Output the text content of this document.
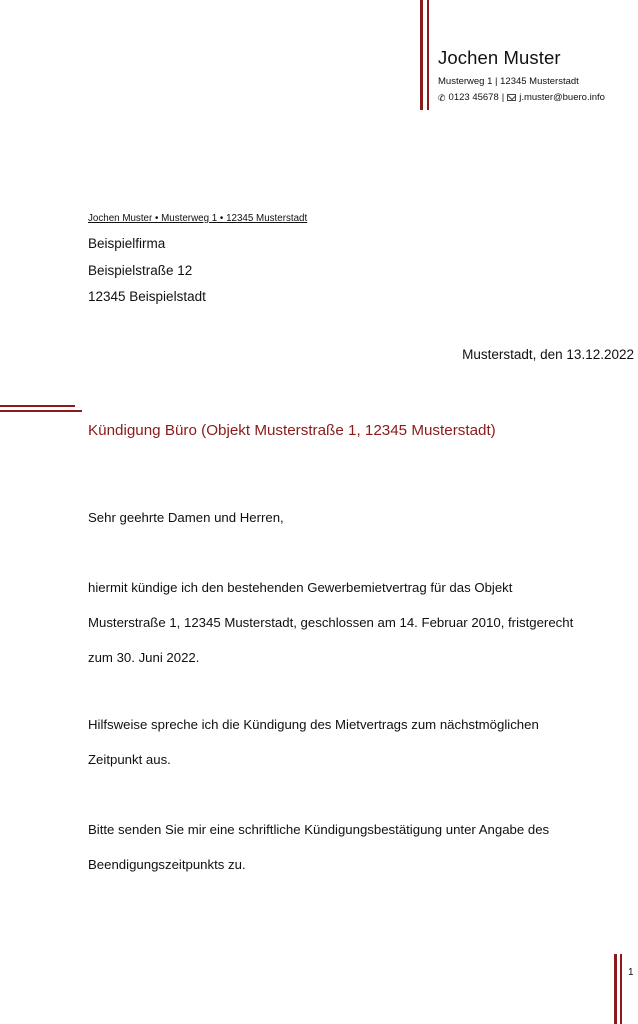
Jochen Muster
Musterweg 1 | 12345 Musterstadt
✆ 0123 45678 | j.muster@buero.info
Jochen Muster • Musterweg 1 • 12345 Musterstadt
Beispielfirma
Beispielstraße 12
12345 Beispielstadt
Musterstadt, den 13.12.2022
Kündigung Büro (Objekt Musterstraße 1, 12345 Musterstadt)
Sehr geehrte Damen und Herren,
hiermit kündige ich den bestehenden Gewerbemietvertrag für das Objekt
Musterstraße 1, 12345 Musterstadt, geschlossen am 14. Februar 2010, fristgerecht
zum 30. Juni 2022.
Hilfsweise spreche ich die Kündigung des Mietvertrags zum nächstmöglichen
Zeitpunkt aus.
Bitte senden Sie mir eine schriftliche Kündigungsbestätigung unter Angabe des
Beendigungszeitpunkts zu.
1
